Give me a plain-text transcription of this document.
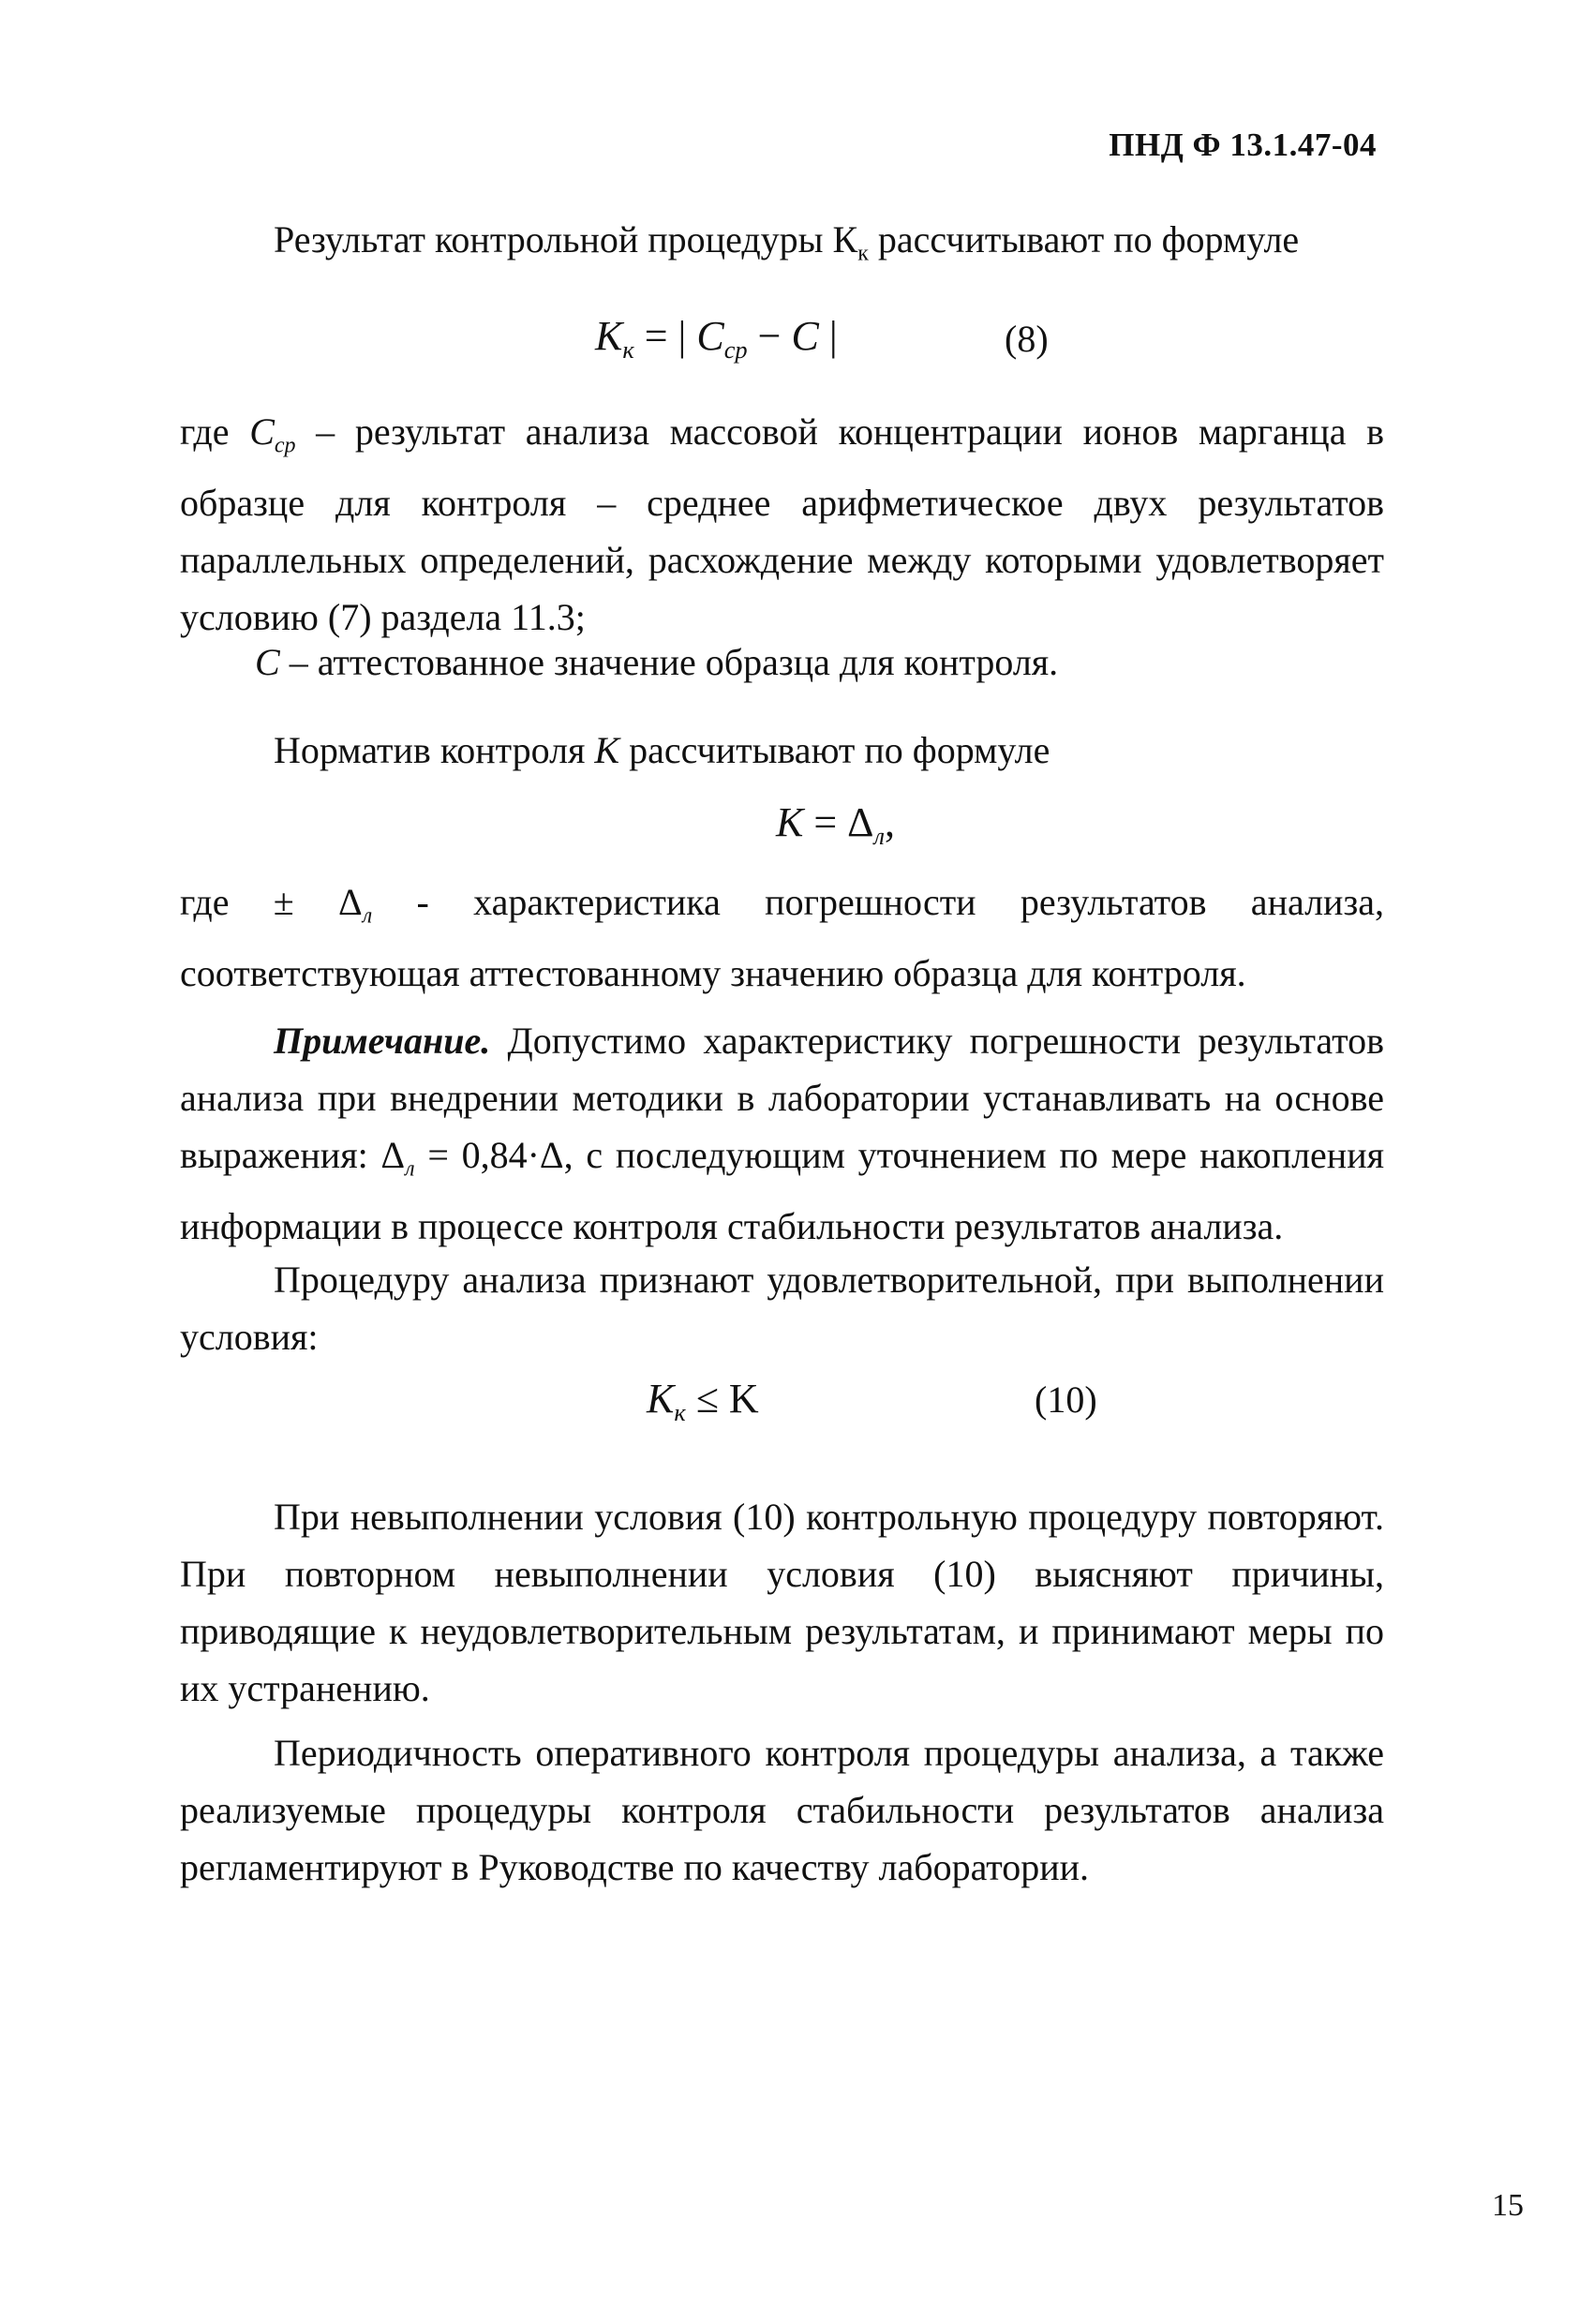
ПНД Ф 13.1.47-04
Результат контрольной процедуры $К_к$ рассчитывают по формуле
$K_к$ = | $C_{ср} - C$ |	(8)
где $C_{ср}$ – результат анализа массовой концентрации ионов марганца в образце для контроля – среднее арифметическое двух результатов параллельных определений, расхождение между которыми удовлетворяет условию (7) раздела 11.3;
C – аттестованное значение образца для контроля.
Норматив контроля K рассчитывают по формуле
$K = \Delta_л$,
где ± $\Delta_л$ - характеристика погрешности результатов анализа, соответствующая аттестованному значению образца для контроля.
Примечание. Допустимо характеристику погрешности результатов анализа при внедрении методики в лаборатории устанавливать на основе выражения: $\Delta_л = 0,84\cdot\Delta$, с последующим уточнением по мере накопления информации в процессе контроля стабильности результатов анализа.
Процедуру анализа признают удовлетворительной, при выполнении условия:
$K_к \le K$	(10)
При невыполнении условия (10) контрольную процедуру повторяют. При повторном невыполнении условия (10) выясняют причины, приводящие к неудовлетворительным результатам, и принимают меры по их устранению.
Периодичность оперативного контроля процедуры анализа, а также реализуемые процедуры контроля стабильности результатов анализа регламентируют в Руководстве по качеству лаборатории.
15
